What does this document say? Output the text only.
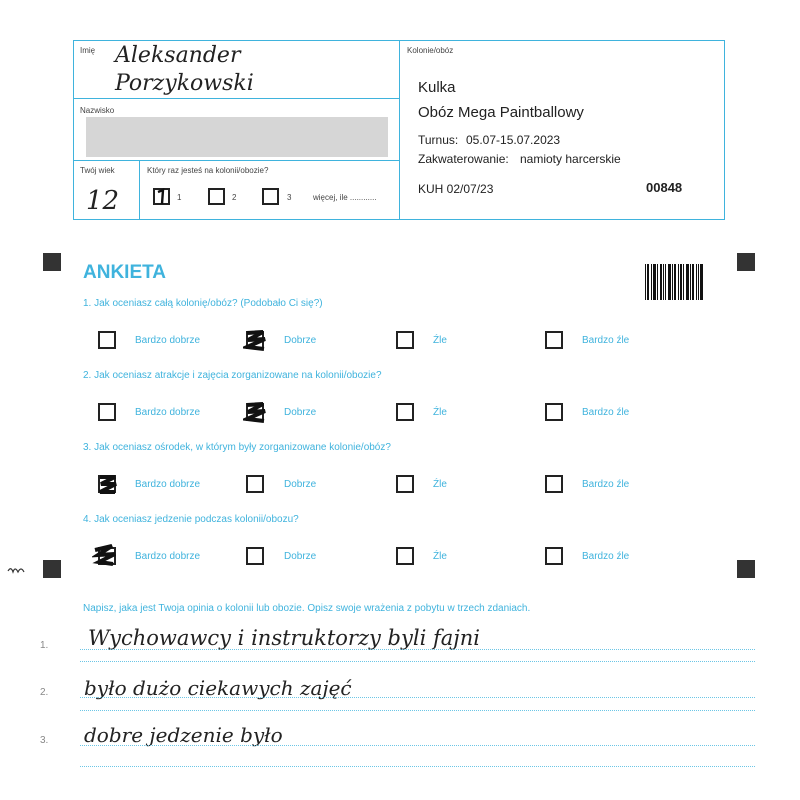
Imię Aleksander Porzykowski
Nazwisko
Twój wiek
12
Który raz jesteś na kolonii/obozie?
1	2	3	więcej, ile ............
Kolonie/obóz
Kulka
Obóz Mega Paintballowy
Turnus: 05.07-15.07.2023
Zakwaterowanie: namioty harcerskie
KUH 02/07/23	00848
ANKIETA
1. Jak oceniasz całą kolonię/obóz? (Podobało Ci się?)
Bardzo dobrze	Dobrze	Źle	Bardzo źle
2. Jak oceniasz atrakcje i zajęcia zorganizowane na kolonii/obozie?
Bardzo dobrze	Dobrze	Źle	Bardzo źle
3. Jak oceniasz ośrodek, w którym były zorganizowane kolonie/obóz?
Bardzo dobrze	Dobrze	Źle	Bardzo źle
4. Jak oceniasz jedzenie podczas kolonii/obozu?
Bardzo dobrze	Dobrze	Źle	Bardzo źle
Napisz, jaka jest Twoja opinia o kolonii lub obozie. Opisz swoje wrażenia z pobytu w trzech zdaniach.
1. Wychowawcy i instruktorzy byli fajni
2. było dużo ciekawych zajęć
3. dobre jedzenie było
